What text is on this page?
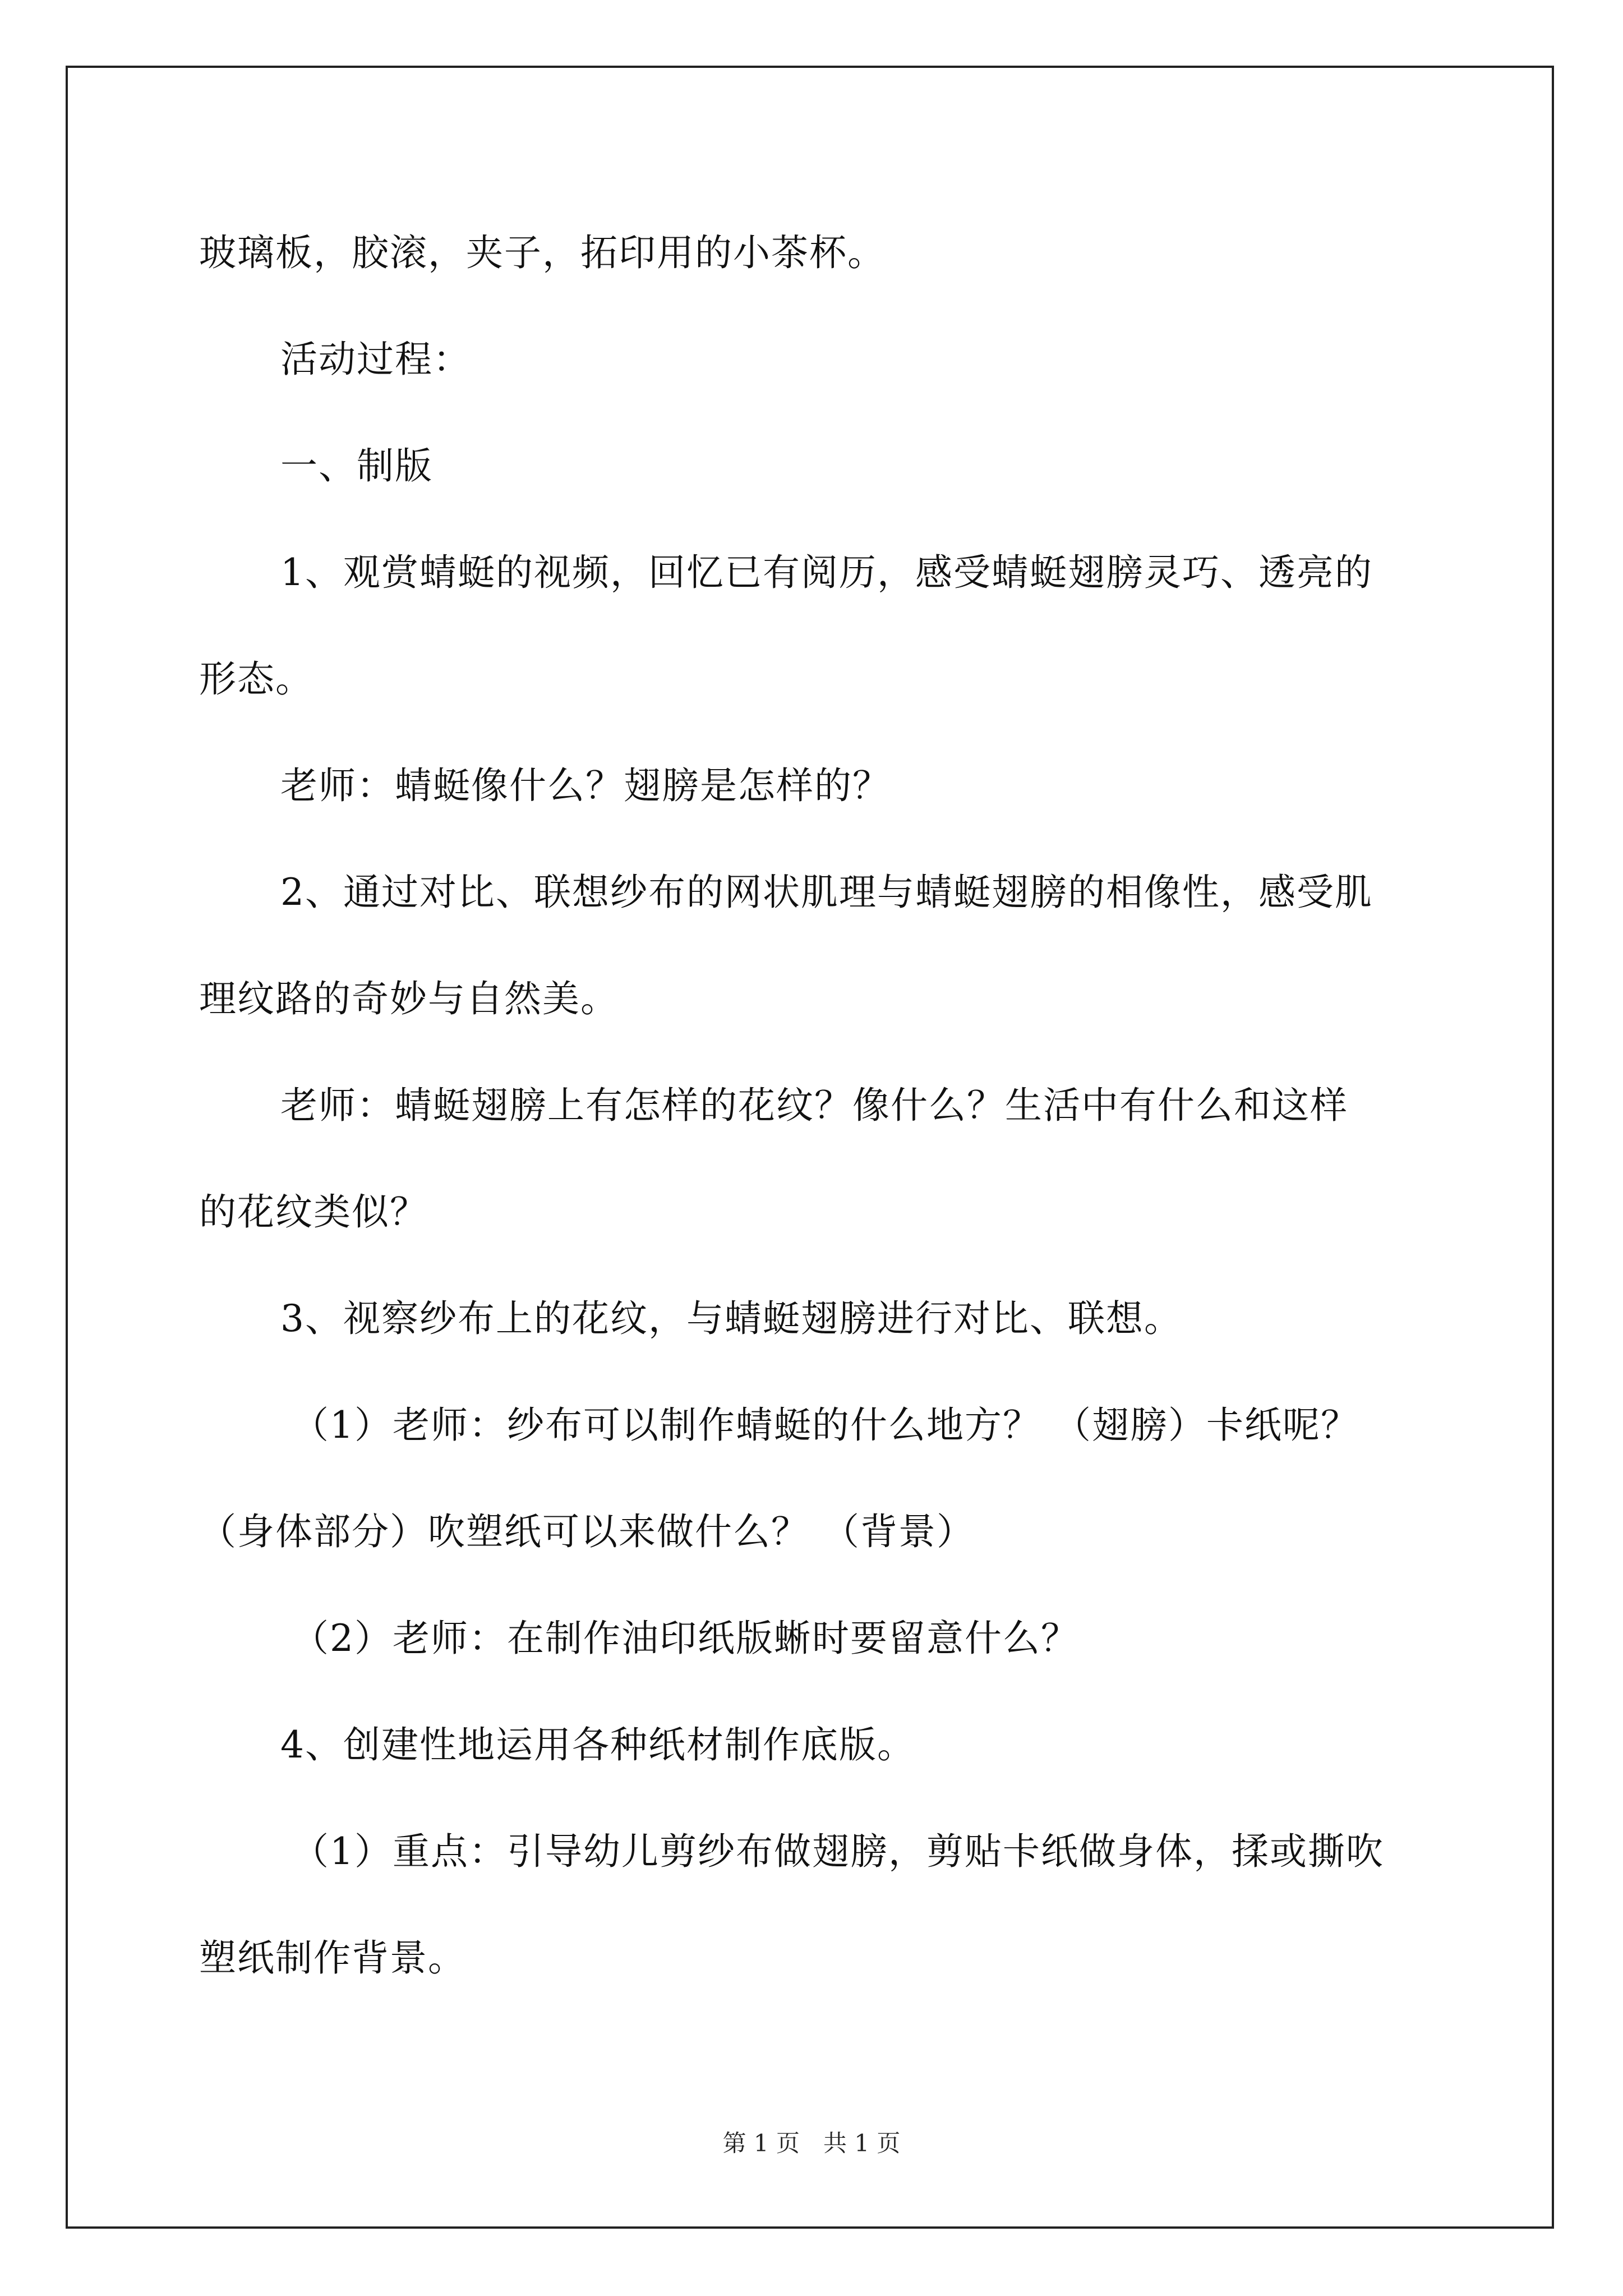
玻璃板，胶滚，夹子，拓印用的小茶杯。
活动过程：
一、制版
1、观赏蜻蜓的视频，回忆已有阅历，感受蜻蜓翅膀灵巧、透亮的
形态。
老师：蜻蜓像什么？翅膀是怎样的？
2、通过对比、联想纱布的网状肌理与蜻蜓翅膀的相像性，感受肌
理纹路的奇妙与自然美。
老师：蜻蜓翅膀上有怎样的花纹？像什么？生活中有什么和这样
的花纹类似？
3、视察纱布上的花纹，与蜻蜓翅膀进行对比、联想。
（1）老师：纱布可以制作蜻蜓的什么地方？ （翅膀）卡纸呢？
（身体部分）吹塑纸可以来做什么？ （背景）
（2）老师：在制作油印纸版蜥时要留意什么？
4、创建性地运用各种纸材制作底版。
（1）重点：引导幼儿剪纱布做翅膀，剪贴卡纸做身体，揉或撕吹
塑纸制作背景。
第 1 页　共 1 页
